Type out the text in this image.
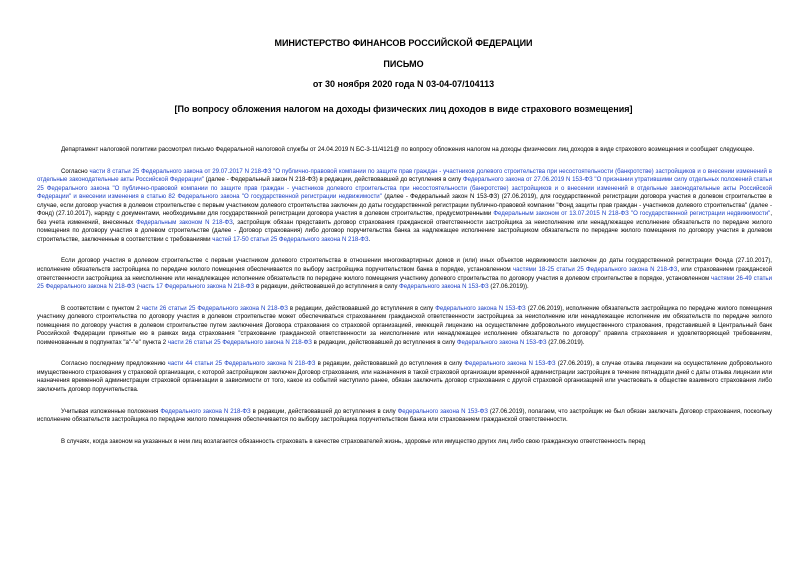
МИНИСТЕРСТВО ФИНАНСОВ РОССИЙСКОЙ ФЕДЕРАЦИИ
ПИСЬМО
от 30 ноября 2020 года N 03-04-07/104113
[По вопросу обложения налогом на доходы физических лиц доходов в виде страхового возмещения]

Департамент налоговой политики рассмотрел письмо Федеральной налоговой службы от 24.04.2019 N БС-3-11/4121@ по вопросу обложения налогом на доходы физических лиц доходов в виде страхового возмещения и сообщает следующее.

Согласно части 8 статьи 25 Федерального закона от 29.07.2017 N 218-ФЗ "О публично-правовой компании по защите прав граждан - участников долевого строительства при несостоятельности (банкротстве) застройщиков и о внесении изменений в отдельные законодательные акты Российской Федерации" (далее - Федеральный закон N 218-ФЗ) в редакции, действовавшей до вступления в силу Федерального закона от 27.06.2019 N 153-ФЗ "О признании утратившими силу отдельных положений статьи 25 Федерального закона "О публично-правовой компании по защите прав граждан - участников долевого строительства при несостоятельности (банкротстве) застройщиков и о внесении изменений в отдельные законодательные акты Российской Федерации" и внесении изменения в статью 82 Федерального закона "О государственной регистрации недвижимости" (далее - Федеральный закон N 153-ФЗ) (27.06.2019), для государственной регистрации договора участия в долевом строительстве в случае, если договор участия в долевом строительстве с первым участником долевого строительства заключен до даты государственной регистрации публично-правовой компании "Фонд защиты прав граждан - участников долевого строительства" (далее - Фонд) (27.10.2017), наряду с документами, необходимыми для государственной регистрации договора участия в долевом строительстве, предусмотренными Федеральным законом от 13.07.2015 N 218-ФЗ "О государственной регистрации недвижимости", без учета изменений, внесенных Федеральным законом N 218-ФЗ, застройщик обязан представить договор страхования гражданской ответственности застройщика за неисполнение или ненадлежащее исполнение обязательств по передаче жилого помещения по договору участия в долевом строительстве (далее - Договор страхования) либо договор поручительства банка за надлежащее исполнение застройщиком обязательств по передаче жилого помещения по договору участия в долевом строительстве, заключенные в соответствии с требованиями частей 17-50 статьи 25 Федерального закона N 218-ФЗ.

Если договор участия в долевом строительстве с первым участником долевого строительства в отношении многоквартирных домов и (или) иных объектов недвижимости заключен до даты государственной регистрации Фонда (27.10.2017), исполнение обязательств застройщика по передаче жилого помещения обеспечивается по выбору застройщика поручительством банка в порядке, установленном частями 18-25 статьи 25 Федерального закона N 218-ФЗ, или страхованием гражданской ответственности застройщика за неисполнение или ненадлежащее исполнение обязательств по передаче жилого помещения участнику долевого строительства по договору участия в долевом строительстве в порядке, установленном частями 26-49 статьи 25 Федерального закона N 218-ФЗ (часть 17 Федерального закона N 218-ФЗ в редакции, действовавшей до вступления в силу Федерального закона N 153-ФЗ (27.06.2019)).

В соответствии с пунктом 2 части 26 статьи 25 Федерального закона N 218-ФЗ в редакции, действовавшей до вступления в силу Федерального закона N 153-ФЗ (27.06.2019), исполнение обязательств застройщика по передаче жилого помещения участнику долевого строительства по договору участия в долевом строительстве может обеспечиваться страхованием гражданской ответственности застройщика за неисполнение или ненадлежащее исполнение им обязательств по передаче жилого помещения по договору участия в долевом строительстве путем заключения Договора страхования со страховой организацией, имеющей лицензию на осуществление добровольного имущественного страхования, представившей в Центральный банк Российской Федерации принятые ею в рамках вида страхования "страхование гражданской ответственности за неисполнение или ненадлежащее исполнение обязательств по договору" правила страхования и удовлетворяющей требованиям, поименованным в подпунктах "а"-"е" пункта 2 части 26 статьи 25 Федерального закона N 218-ФЗ в редакции, действовавшей до вступления в силу Федерального закона N 153-ФЗ (27.06.2019).

Согласно последнему предложению части 44 статьи 25 Федерального закона N 218-ФЗ в редакции, действовавшей до вступления в силу Федерального закона N 153-ФЗ (27.06.2019), в случае отзыва лицензии на осуществление добровольного имущественного страхования у страховой организации, с которой застройщиком заключен Договор страхования, или назначения в такой страховой организации временной администрации застройщик в течение пятнадцати дней с даты отзыва лицензии или назначения временной администрации страховой организации в зависимости от того, какое из событий наступило ранее, обязан заключить договор страхования с другой страховой организацией или участвовать в обществе взаимного страхования либо заключить договор поручительства.

Учитывая изложенные положения Федерального закона N 218-ФЗ в редакции, действовавшей до вступления в силу Федерального закона N 153-ФЗ (27.06.2019), полагаем, что застройщик не был обязан заключать Договор страхования, поскольку исполнение обязательств застройщика по передаче жилого помещения обеспечивается по выбору застройщика поручительством банка или страхованием гражданской ответственности.

В случаях, когда законом на указанных в нем лиц возлагается обязанность страховать в качестве страхователей жизнь, здоровье или имущество других лиц либо свою гражданскую ответственность перед
